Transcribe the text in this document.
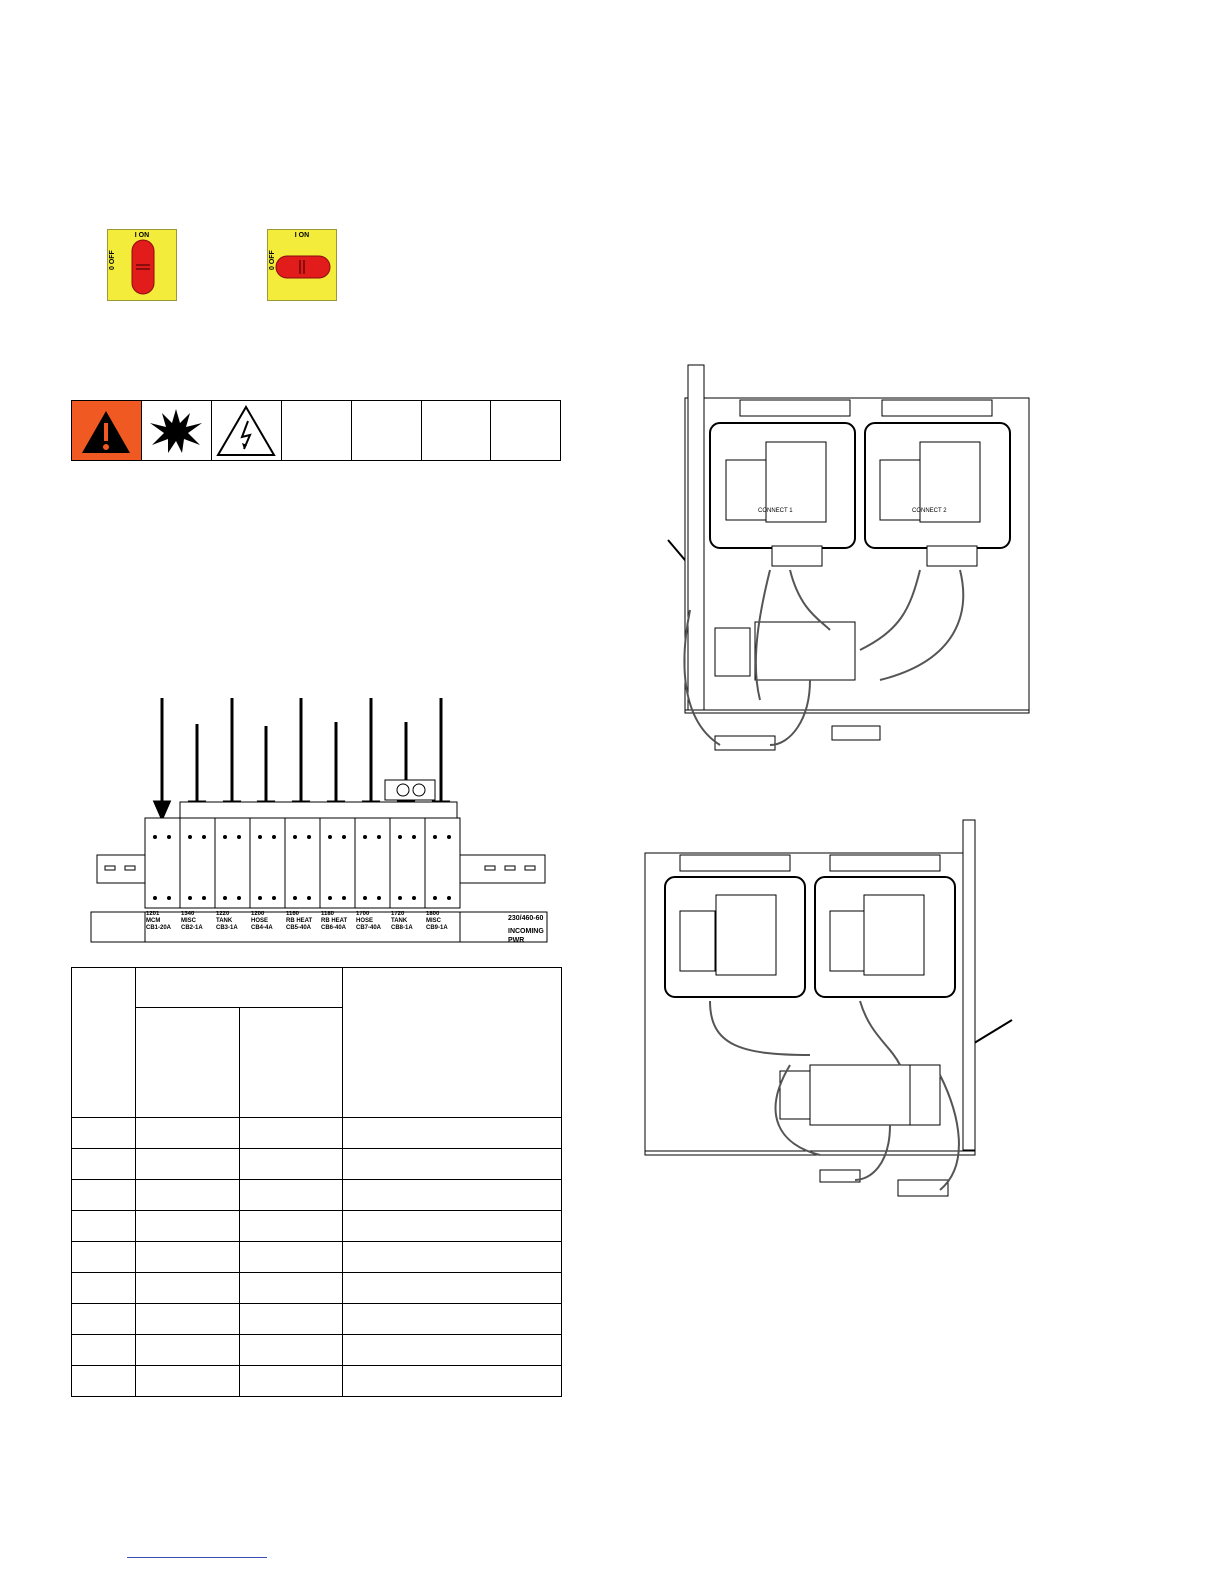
I ON
0 OFF
I ON
0 OFF
1201
MCM
CB1-20A
1340
MISC
CB2-1A
1220
TANK
CB3-1A
1200
HOSE
CB4-4A
1160
RB HEAT
CB5-40A
1180
RB HEAT
CB6-40A
1700
HOSE
CB7-40A
1720
TANK
CB8-1A
1800
MISC
CB9-1A
230/460-60
INCOMING
PWR

CONNECT 1	CONNECT 2
